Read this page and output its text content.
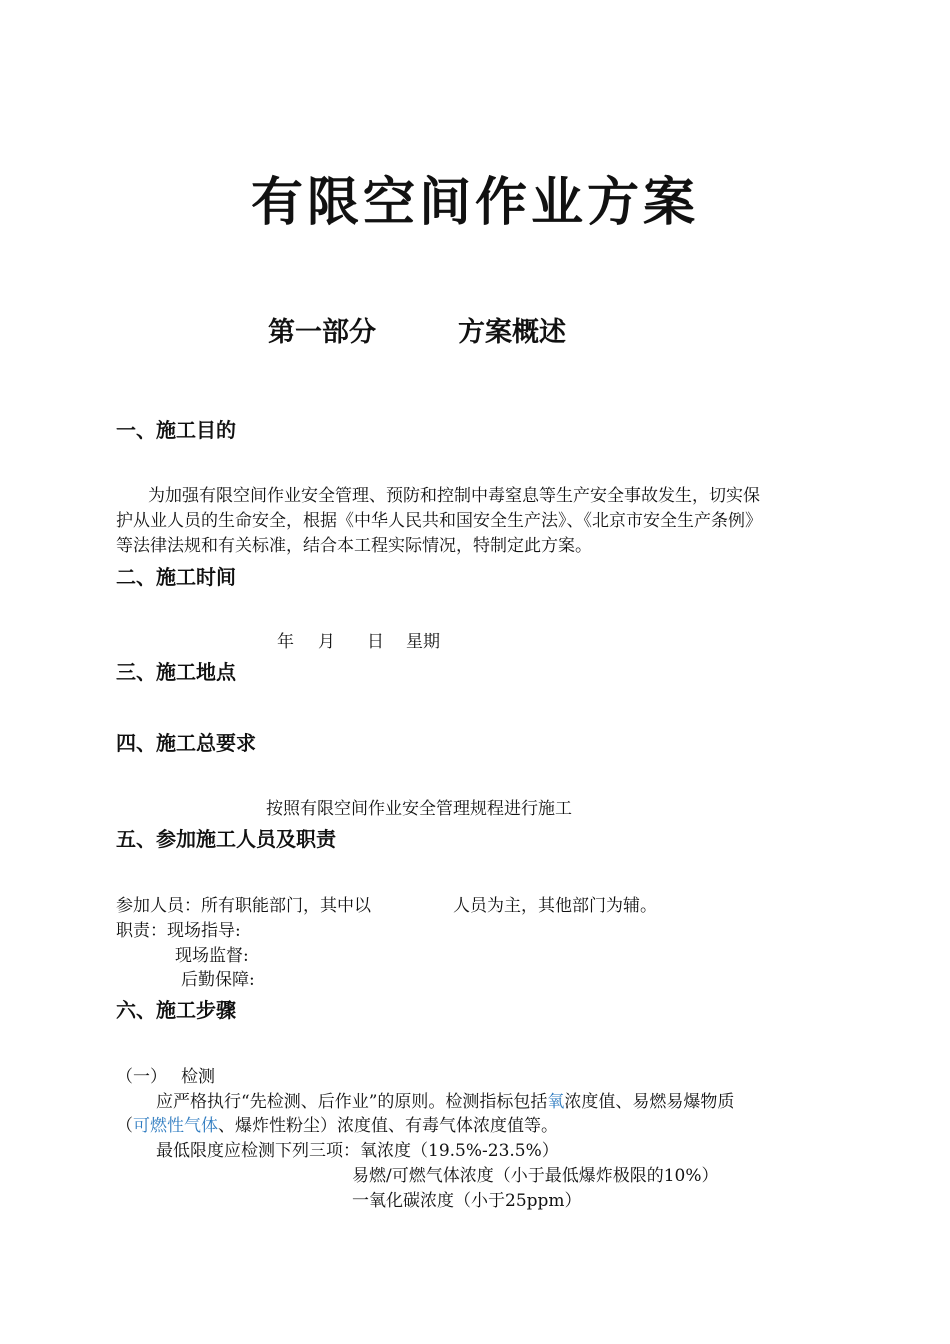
有限空间作业方案
第一部分	方案概述
一、施工目的
为加强有限空间作业安全管理、预防和控制中毒窒息等生产安全事故发生，切实保
护从业人员的生命安全，根据《中华人民共和国安全生产法》、《北京市安全生产条例》
等法律法规和有关标准，结合本工程实际情况，特制定此方案。
二、施工时间
年 月 日 星期
三、施工地点
四、施工总要求
按照有限空间作业安全管理规程进行施工
五、参加施工人员及职责
参加人员：所有职能部门，其中以	人员为主，其他部门为辅。
职责：现场指导:
现场监督:
后勤保障:
六、施工步骤
（一） 检测
应严格执行“先检测、后作业”的原则。检测指标包括氧浓度值、易燃易爆物质
（可燃性气体、爆炸性粉尘）浓度值、有毒气体浓度值等。
最低限度应检测下列三项：氧浓度（19.5%-23.5%）
易燃/可燃气体浓度（小于最低爆炸极限的10%）
一氧化碳浓度（小于25ppm）
